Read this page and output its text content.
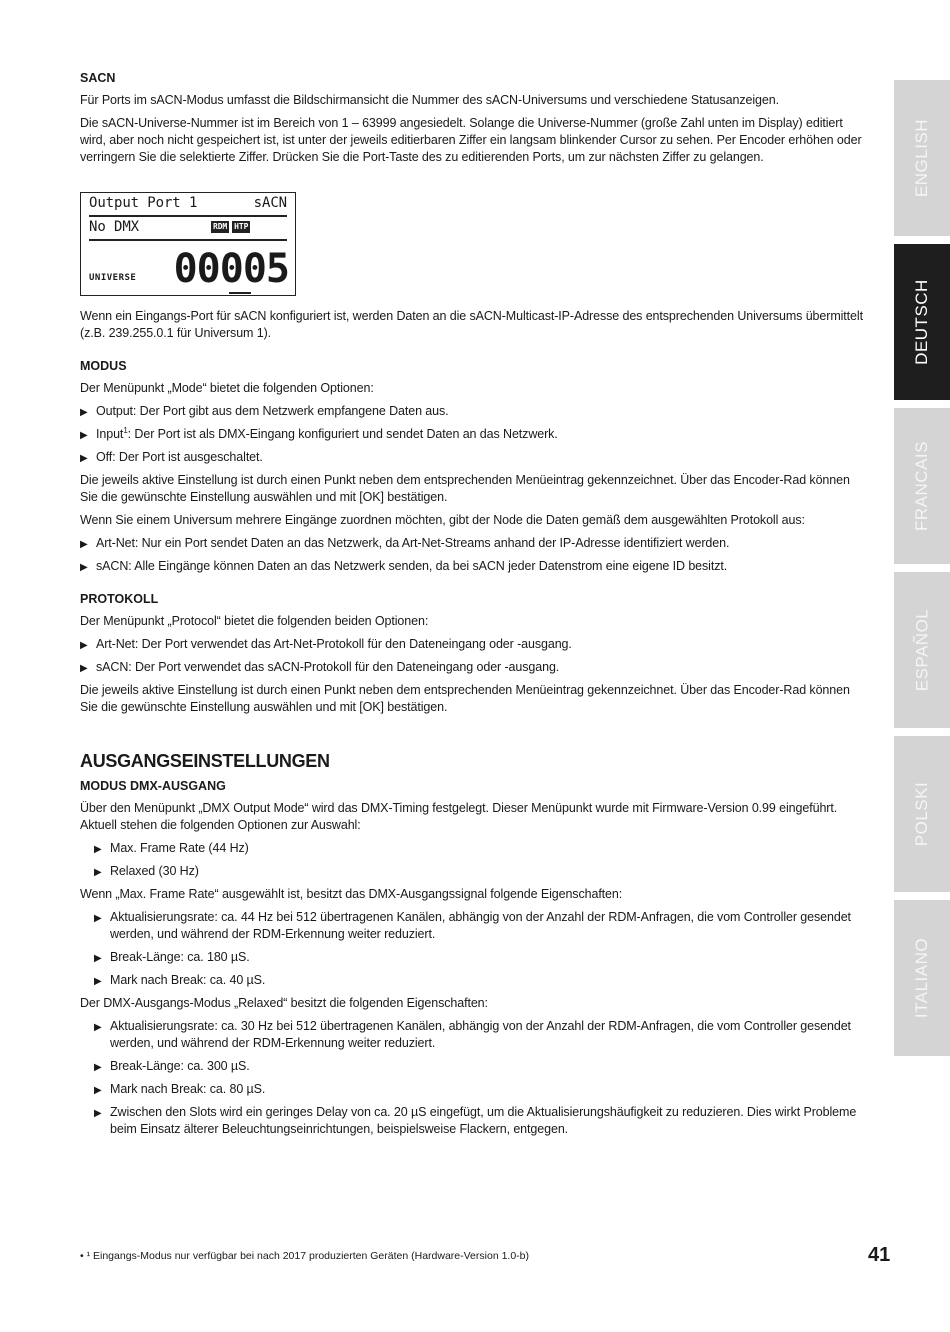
SACN

Für Ports im sACN-Modus umfasst die Bildschirmansicht die Nummer des sACN-Universums und verschiedene Statusanzeigen.

Die sACN-Universe-Nummer ist im Bereich von 1 – 63999 angesiedelt. Solange die Universe-Nummer (große Zahl unten im Display) editiert wird, aber noch nicht gespeichert ist, ist unter der jeweils editierbaren Ziffer ein langsam blinkender Cursor zu sehen. Per Encoder erhöhen oder verringern Sie die selektierte Ziffer. Drücken Sie die Port-Taste des zu editierenden Ports, um zur nächsten Ziffer zu gelangen.

Output Port 1	sACN
No DMX	RDM HTP
UNIVERSE 00005

Wenn ein Eingangs-Port für sACN konfiguriert ist, werden Daten an die sACN-Multicast-IP-Adresse des entsprechenden Universums übermittelt (z.B. 239.255.0.1 für Universum 1).

MODUS

Der Menüpunkt „Mode“ bietet die folgenden Optionen:

▶ Output: Der Port gibt aus dem Netzwerk empfangene Daten aus.
▶ Input$^1$: Der Port ist als DMX-Eingang konfiguriert und sendet Daten an das Netzwerk.
▶ Off: Der Port ist ausgeschaltet.

Die jeweils aktive Einstellung ist durch einen Punkt neben dem entsprechenden Menüeintrag gekennzeichnet. Über das Encoder-Rad können Sie die gewünschte Einstellung auswählen und mit [OK] bestätigen.

Wenn Sie einem Universum mehrere Eingänge zuordnen möchten, gibt der Node die Daten gemäß dem ausgewählten Protokoll aus:

▶ Art-Net: Nur ein Port sendet Daten an das Netzwerk, da Art-Net-Streams anhand der IP-Adresse identifiziert werden.
▶ sACN: Alle Eingänge können Daten an das Netzwerk senden, da bei sACN jeder Datenstrom eine eigene ID besitzt.
PROTOKOLL

Der Menüpunkt „Protocol“ bietet die folgenden beiden Optionen:

▶ Art-Net: Der Port verwendet das Art-Net-Protokoll für den Dateneingang oder -ausgang.
▶ sACN: Der Port verwendet das sACN-Protokoll für den Dateneingang oder -ausgang.

Die jeweils aktive Einstellung ist durch einen Punkt neben dem entsprechenden Menüeintrag gekennzeichnet. Über das Encoder-Rad können Sie die gewünschte Einstellung auswählen und mit [OK] bestätigen.

AUSGANGSEINSTELLUNGEN
MODUS DMX-AUSGANG

Über den Menüpunkt „DMX Output Mode“ wird das DMX-Timing festgelegt. Dieser Menüpunkt wurde mit Firmware-Version 0.99 eingeführt. Aktuell stehen die folgenden Optionen zur Auswahl:

▶ Max. Frame Rate (44 Hz)
▶ Relaxed (30 Hz)

Wenn „Max. Frame Rate“ ausgewählt ist, besitzt das DMX-Ausgangssignal folgende Eigenschaften:

▶ Aktualisierungsrate: ca. 44 Hz bei 512 übertragenen Kanälen, abhängig von der Anzahl der RDM-Anfragen, die vom Controller gesendet werden, und während der RDM-Erkennung weiter reduziert.
▶ Break-Länge: ca. 180 µS.
▶ Mark nach Break: ca. 40 µS.

Der DMX-Ausgangs-Modus „Relaxed“ besitzt die folgenden Eigenschaften:

▶ Aktualisierungsrate: ca. 30 Hz bei 512 übertragenen Kanälen, abhängig von der Anzahl der RDM-Anfragen, die vom Controller gesendet werden, und während der RDM-Erkennung weiter reduziert.
▶ Break-Länge: ca. 300 µS.
▶ Mark nach Break: ca. 80 µS.
▶ Zwischen den Slots wird ein geringes Delay von ca. 20 µS eingefügt, um die Aktualisierungshäufigkeit zu reduzieren. Dies wirkt Probleme beim Einsatz älterer Beleuchtungseinrichtungen, beispielsweise Flackern, entgegen.
ENGLISH
DEUTSCH
FRANCAIS
ESPAÑOL
POLSKI
ITALIANO
• ¹ Eingangs-Modus nur verfügbar bei nach 2017 produzierten Geräten (Hardware-Version 1.0-b)	41
